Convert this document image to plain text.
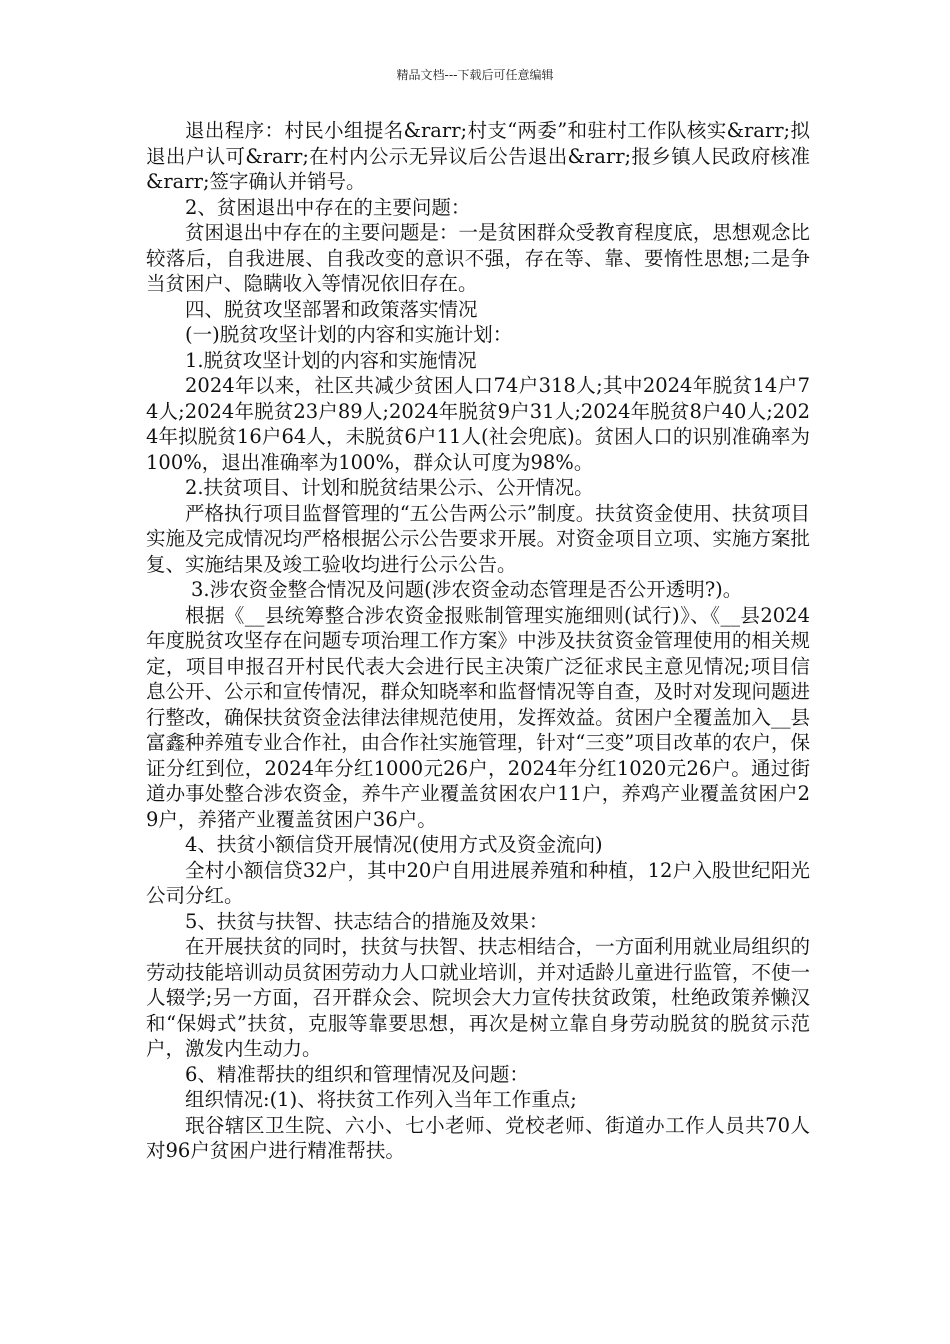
精品文档---下载后可任意编辑

退出程序：村民小组提名&rarr;村支“两委”和驻村工作队核实&rarr;拟退出户认可&rarr;在村内公示无异议后公告退出&rarr;报乡镇人民政府核准&rarr;签字确认并销号。

2、贫困退出中存在的主要问题：

贫困退出中存在的主要问题是：一是贫困群众受教育程度底，思想观念比较落后，自我进展、自我改变的意识不强，存在等、靠、要惰性思想;二是争当贫困户、隐瞒收入等情况依旧存在。

四、脱贫攻坚部署和政策落实情况

(一)脱贫攻坚计划的内容和实施计划：

1.脱贫攻坚计划的内容和实施情况

2024年以来，社区共减少贫困人口74户318人;其中2024年脱贫14户74人;2024年脱贫23户89人;2024年脱贫9户31人;2024年脱贫8户40人;2024年拟脱贫16户64人，未脱贫6户11人(社会兜底)。贫困人口的识别准确率为100%，退出准确率为100%，群众认可度为98%。

2.扶贫项目、计划和脱贫结果公示、公开情况。

严格执行项目监督管理的“五公告两公示”制度。扶贫资金使用、扶贫项目实施及完成情况均严格根据公示公告要求开展。对资金项目立项、实施方案批复、实施结果及竣工验收均进行公示公告。

3.涉农资金整合情况及问题(涉农资金动态管理是否公开透明?)。

根据《__县统筹整合涉农资金报账制管理实施细则(试行)》、《__县2024年度脱贫攻坚存在问题专项治理工作方案》中涉及扶贫资金管理使用的相关规定，项目申报召开村民代表大会进行民主决策广泛征求民主意见情况;项目信息公开、公示和宣传情况，群众知晓率和监督情况等自查，及时对发现问题进行整改，确保扶贫资金法律法律规范使用，发挥效益。贫困户全覆盖加入__县富鑫种养殖专业合作社，由合作社实施管理，针对“三变”项目改革的农户，保证分红到位，2024年分红1000元26户，2024年分红1020元26户。通过街道办事处整合涉农资金，养牛产业覆盖贫困农户11户，养鸡产业覆盖贫困户29户，养猪产业覆盖贫困户36户。

4、扶贫小额信贷开展情况(使用方式及资金流向)

全村小额信贷32户，其中20户自用进展养殖和种植，12户入股世纪阳光公司分红。

5、扶贫与扶智、扶志结合的措施及效果：

在开展扶贫的同时，扶贫与扶智、扶志相结合，一方面利用就业局组织的劳动技能培训动员贫困劳动力人口就业培训，并对适龄儿童进行监管，不使一人辍学;另一方面，召开群众会、院坝会大力宣传扶贫政策，杜绝政策养懒汉和“保姆式”扶贫，克服等靠要思想，再次是树立靠自身劳动脱贫的脱贫示范户，激发内生动力。

6、精准帮扶的组织和管理情况及问题：

组织情况:(1)、将扶贫工作列入当年工作重点;

珉谷辖区卫生院、六小、七小老师、党校老师、街道办工作人员共70人对96户贫困户进行精准帮扶。
